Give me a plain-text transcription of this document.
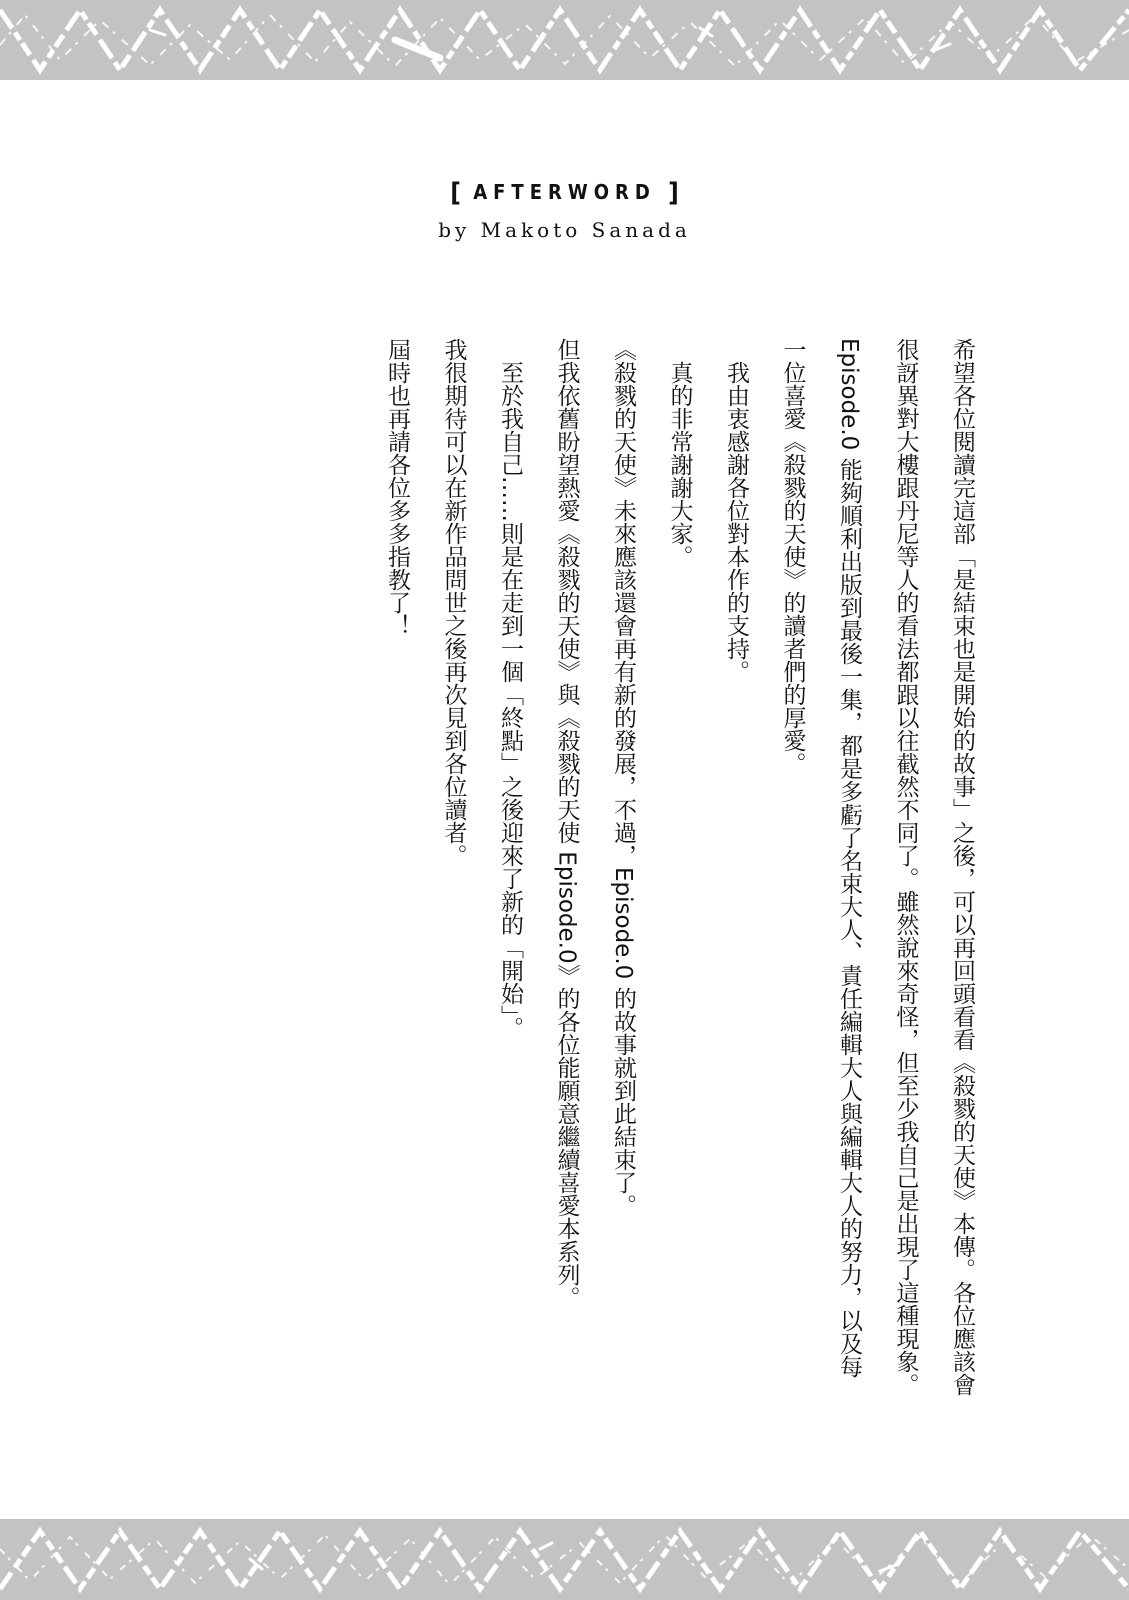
[ AFTERWORD ]
by Makoto Sanada

希望各位閱讀完這部「是結束也是開始的故事」之後，可以再回頭看看《殺戮的天使》本傳。各位應該會很訝異對大樓跟丹尼等人的看法都跟以往截然不同了。雖然說來奇怪，但至少我自己是出現了這種現象。

Episode.0 能夠順利出版到最後一集，都是多虧了名束大人、責任編輯大人與編輯大人的努力，以及每一位喜愛《殺戮的天使》的讀者們的厚愛。

我由衷感謝各位對本作的支持。

真的非常謝謝大家。

《殺戮的天使》未來應該還會再有新的發展，不過，Episode.0 的故事就到此結束了。

但我依舊盼望熱愛《殺戮的天使》與《殺戮的天使 Episode.0》的各位能願意繼續喜愛本系列。

至於我自己……則是在走到一個「終點」之後迎來了新的「開始」。

我很期待可以在新作品問世之後再次見到各位讀者。

屆時也再請各位多多指教了！
